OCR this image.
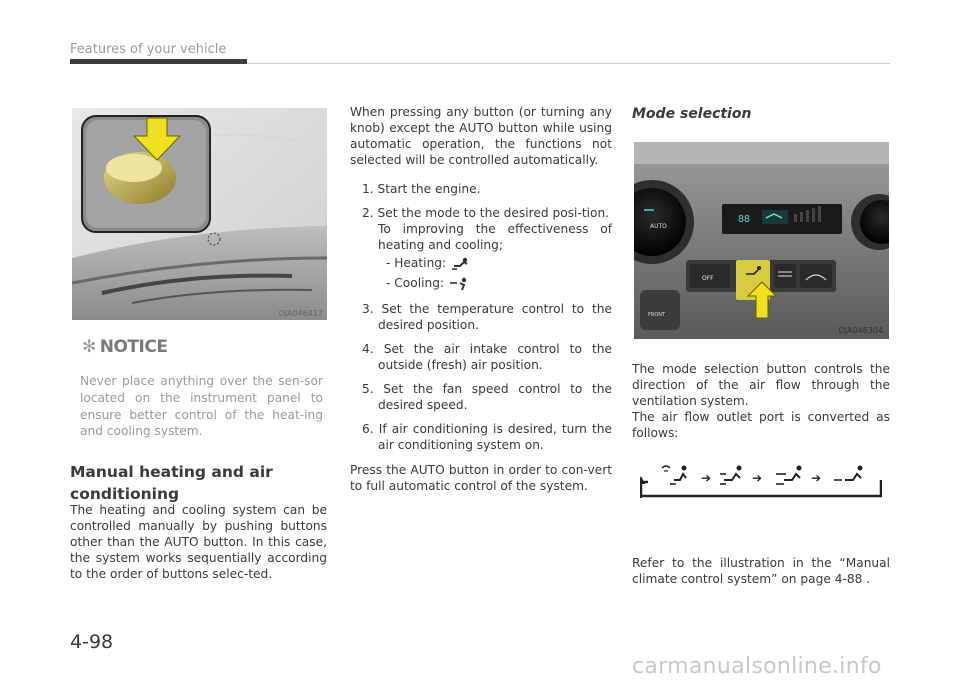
Features of your vehicle
OJA046417
✻ NOTICE
Never place anything over the sen-sor located on the instrument panel to ensure better control of the heat-ing and cooling system.
Manual heating and air conditioning
The heating and cooling system can be controlled manually by pushing buttons other than the AUTO button. In this case, the system works sequentially according to the order of buttons selec-ted.
When pressing any button (or turning any knob) except the AUTO button while using automatic operation, the functions not selected will be controlled automatically.
1. Start the engine.
2. Set the mode to the desired posi-tion.
To improving the effectiveness of heating and cooling;
- Heating:
- Cooling:
3. Set the temperature control to the desired position.
4. Set the air intake control to the outside (fresh) air position.
5. Set the fan speed control to the desired speed.
6. If air conditioning is desired, turn the air conditioning system on.
Press the AUTO button in order to con-vert to full automatic control of the system.
Mode selection
AUTO
88
OFF
FRONT
OJA046304
The mode selection button controls the direction of the air flow through the ventilation system.
The air flow outlet port is converted as follows:
➔	➔	➔
Refer to the illustration in the “Manual climate control system” on page 4-88 .
4-98
carmanualsonline.info
